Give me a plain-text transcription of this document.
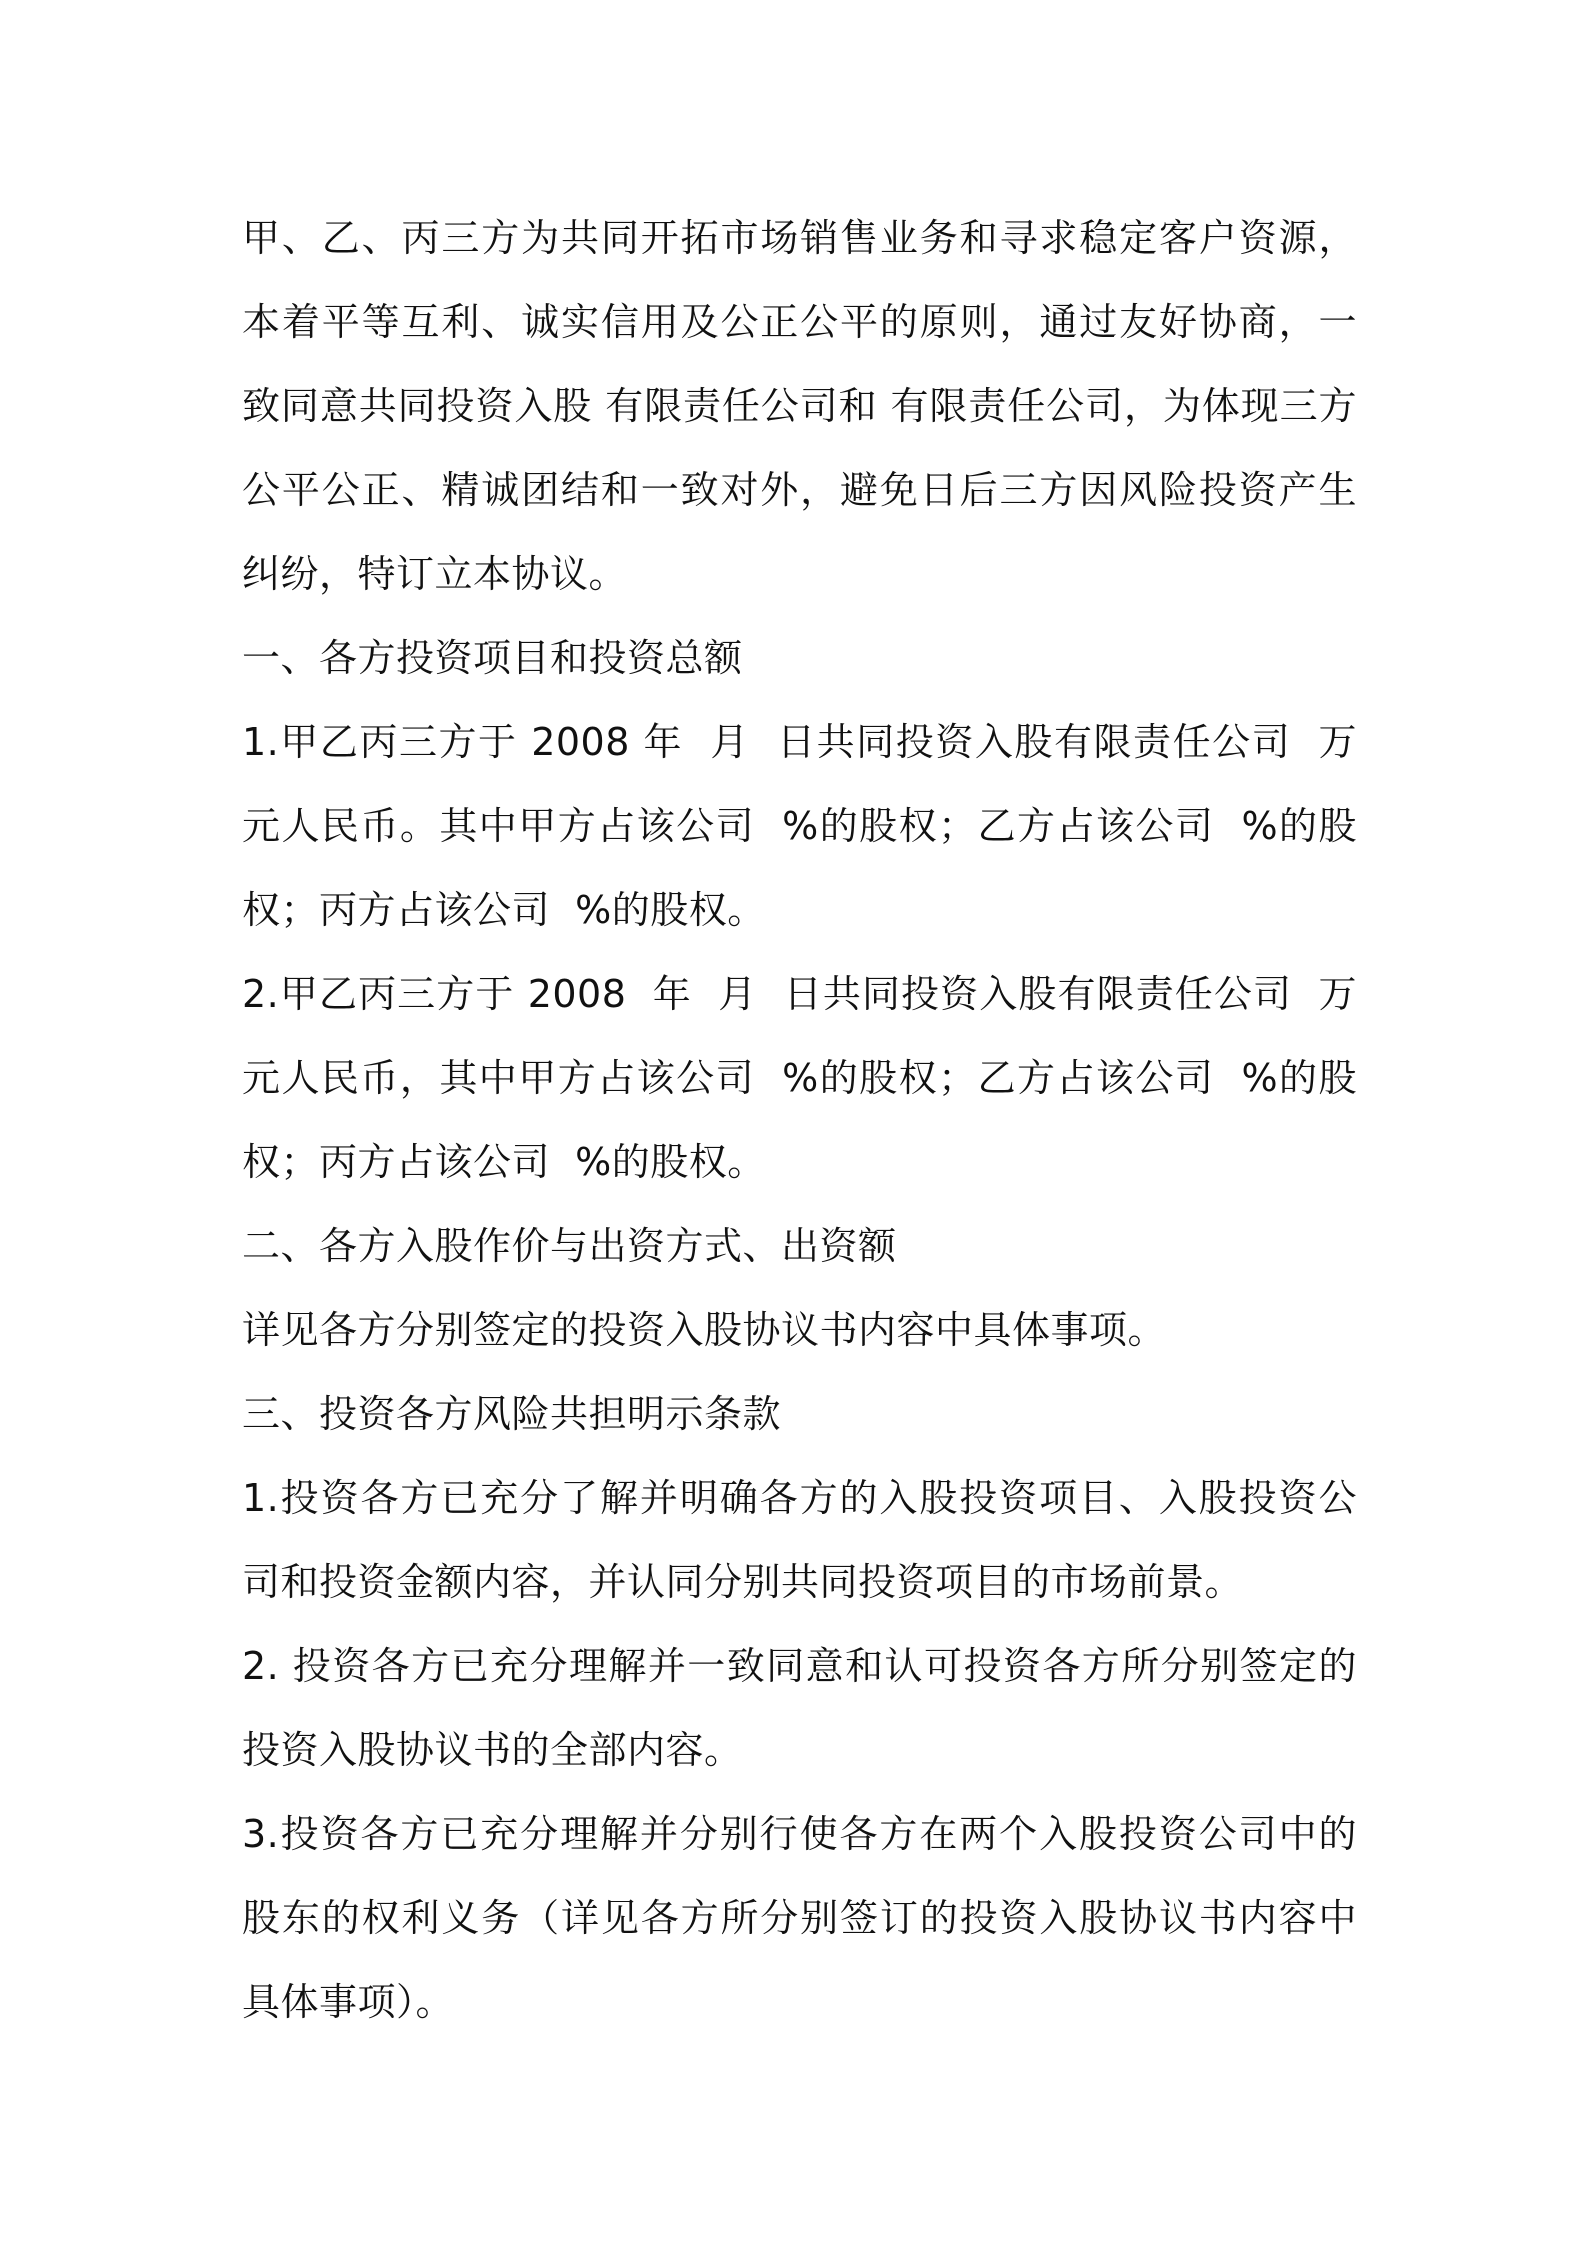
甲、乙、丙三方为共同开拓市场销售业务和寻求稳定客户资源，本着平等互利、诚实信用及公正公平的原则，通过友好协商，一致同意共同投资入股 有限责任公司和 有限责任公司，为体现三方公平公正、精诚团结和一致对外，避免日后三方因风险投资产生纠纷，特订立本协议。

一、各方投资项目和投资总额

1.甲乙丙三方于 2008 年  月  日共同投资入股有限责任公司  万元人民币。其中甲方占该公司  %的股权；乙方占该公司  %的股权；丙方占该公司  %的股权。

2.甲乙丙三方于 2008  年  月  日共同投资入股有限责任公司  万元人民币，其中甲方占该公司  %的股权；乙方占该公司  %的股权；丙方占该公司  %的股权。

二、各方入股作价与出资方式、出资额

详见各方分别签定的投资入股协议书内容中具体事项。

三、投资各方风险共担明示条款

1.投资各方已充分了解并明确各方的入股投资项目、入股投资公司和投资金额内容，并认同分别共同投资项目的市场前景。

2. 投资各方已充分理解并一致同意和认可投资各方所分别签定的投资入股协议书的全部内容。

3.投资各方已充分理解并分别行使各方在两个入股投资公司中的股东的权利义务（详见各方所分别签订的投资入股协议书内容中具体事项）。
